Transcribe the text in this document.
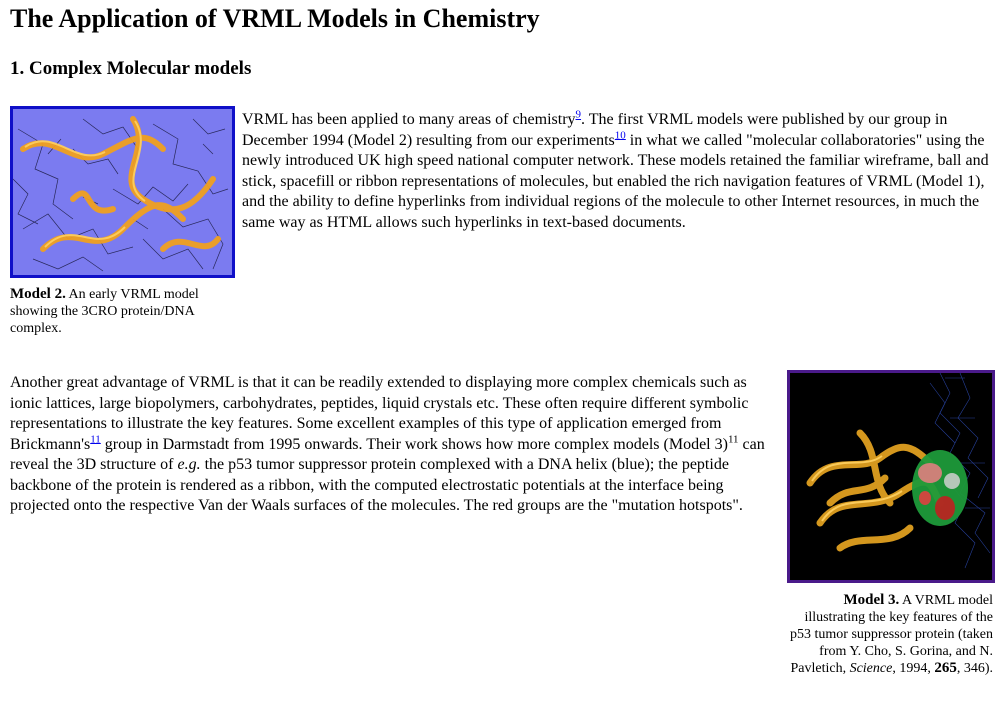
The Application of VRML Models in Chemistry
1. Complex Molecular models
Model 2. An early VRML model showing the 3CRO protein/DNA complex.

VRML has been applied to many areas of chemistry$^9$. The first VRML models were published by our group in December 1994 (Model 2) resulting from our experiments$^{10}$ in what we called "molecular collaboratories" using the newly introduced UK high speed national computer network. These models retained the familiar wireframe, ball and stick, spacefill or ribbon representations of molecules, but enabled the rich navigation features of VRML (Model 1), and the ability to define hyperlinks from individual regions of the molecule to other Internet resources, in much the same way as HTML allows such hyperlinks in text-based documents.

Another great advantage of VRML is that it can be readily extended to displaying more complex chemicals such as ionic lattices, large biopolymers, carbohydrates, peptides, liquid crystals etc. These often require different symbolic representations to illustrate the key features. Some excellent examples of this type of application emerged from Brickmann's$^{11}$ group in Darmstadt from 1995 onwards. Their work shows how more complex models (Model 3)$^{11}$ can reveal the 3D structure of e.g. the p53 tumor suppressor protein complexed with a DNA helix (blue); the peptide backbone of the protein is rendered as a ribbon, with the computed electrostatic potentials at the interface being projected onto the respective Van der Waals surfaces of the molecules. The red groups are the "mutation hotspots".

Model 3. A VRML model illustrating the key features of the p53 tumor suppressor protein (taken from Y. Cho, S. Gorina, and N. Pavletich, Science, 1994, 265, 346).
